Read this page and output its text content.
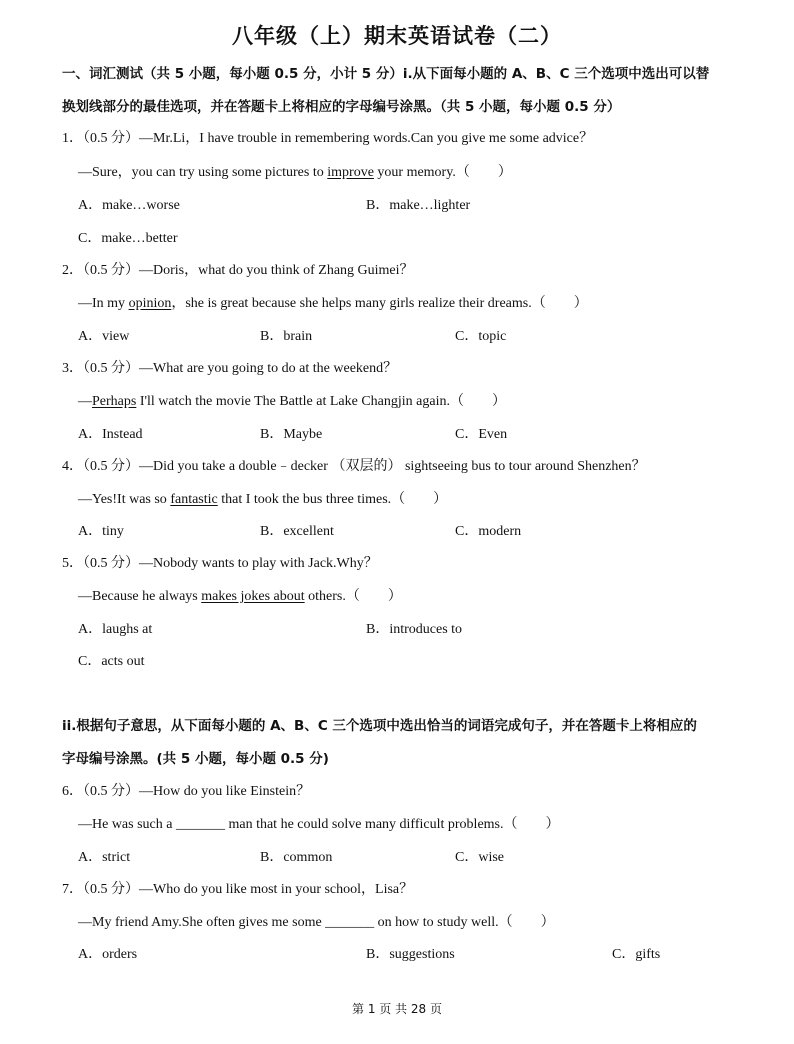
八年级（上）期末英语试卷（二）
一、词汇测试（共 5 小题，每小题 0.5 分，小计 5 分）i.从下面每小题的 A、B、C 三个选项中选出可以替
换划线部分的最佳选项，并在答题卡上将相应的字母编号涂黑。（共 5 小题，每小题 0.5 分）
1．（0.5 分）—Mr.Li，I have trouble in remembering words.Can you give me some advice？
—Sure，you can try using some pictures to improve your memory.（　　）
A．make…worse	B．make…lighter
C．make…better
2．（0.5 分）—Doris，what do you think of Zhang Guimei？
—In my opinion，she is great because she helps many girls realize their dreams.（　　）
A．view	B．brain	C．topic
3．（0.5 分）—What are you going to do at the weekend？
—Perhaps I'll watch the movie The Battle at Lake Changjin again.（　　）
A．Instead	B．Maybe	C．Even
4．（0.5 分）—Did you take a double﹣decker （双层的） sightseeing bus to tour around Shenzhen？
—Yes!It was so fantastic that I took the bus three times.（　　）
A．tiny	B．excellent	C．modern
5．（0.5 分）—Nobody wants to play with Jack.Why？
—Because he always makes jokes about others.（　　）
A．laughs at	B．introduces to
C．acts out
ii.根据句子意思，从下面每小题的 A、B、C 三个选项中选出恰当的词语完成句子，并在答题卡上将相应的
字母编号涂黑。(共 5 小题，每小题 0.5 分)
6．（0.5 分）—How do you like Einstein？
—He was such a _______ man that he could solve many difficult problems.（　　）
A．strict	B．common	C．wise
7．（0.5 分）—Who do you like most in your school，Lisa？
—My friend Amy.She often gives me some _______ on how to study well.（　　）
A．orders	B．suggestions	C．gifts
第 1 页 共 28 页
